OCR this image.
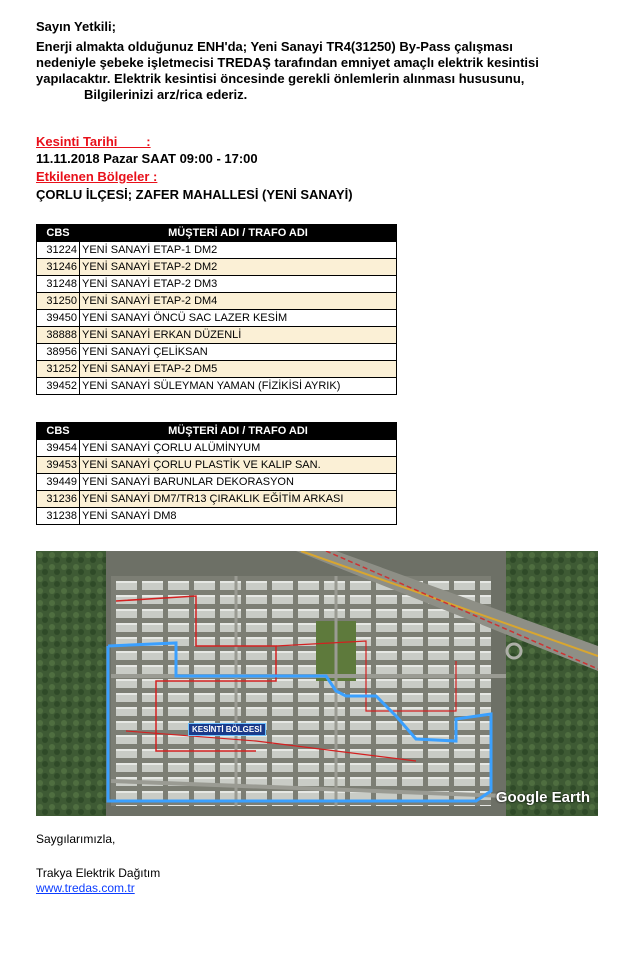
Sayın Yetkili;
Enerji almakta olduğunuz ENH'da; Yeni Sanayi TR4(31250) By-Pass çalışması
nedeniyle şebeke işletmecisi TREDAŞ tarafından emniyet amaçlı elektrik kesintisi
yapılacaktır. Elektrik kesintisi öncesinde gerekli önlemlerin alınması hususunu,
Bilgilerinizi arz/rica ederiz.
Kesinti Tarihi        :
11.11.2018 Pazar SAAT 09:00 - 17:00
Etkilenen Bölgeler :
ÇORLU İLÇESİ; ZAFER MAHALLESİ (YENİ SANAYİ)
CBS	MÜŞTERİ ADI / TRAFO ADI
31224	YENİ SANAYİ ETAP-1 DM2
31246	YENİ SANAYİ ETAP-2 DM2
31248	YENİ SANAYİ ETAP-2 DM3
31250	YENİ SANAYİ ETAP-2 DM4
39450	YENİ SANAYİ ÖNCÜ SAC LAZER KESİM
38888	YENİ SANAYİ ERKAN DÜZENLİ
38956	YENİ SANAYİ ÇELİKSAN
31252	YENİ SANAYİ ETAP-2 DM5
39452	YENİ SANAYİ SÜLEYMAN YAMAN (FİZİKİSİ AYRIK)
CBS	MÜŞTERİ ADI / TRAFO ADI
39454	YENİ SANAYİ ÇORLU ALÜMİNYUM
39453	YENİ SANAYİ ÇORLU PLASTİK VE KALIP SAN.
39449	YENİ SANAYİ BARUNLAR DEKORASYON
31236	YENİ SANAYİ DM7/TR13 ÇIRAKLIK EĞİTİM ARKASI
31238	YENİ SANAYİ DM8
KESİNTİ BÖLGESİ
Google Earth
Saygılarımızla,
Trakya Elektrik Dağıtım
www.tredas.com.tr
